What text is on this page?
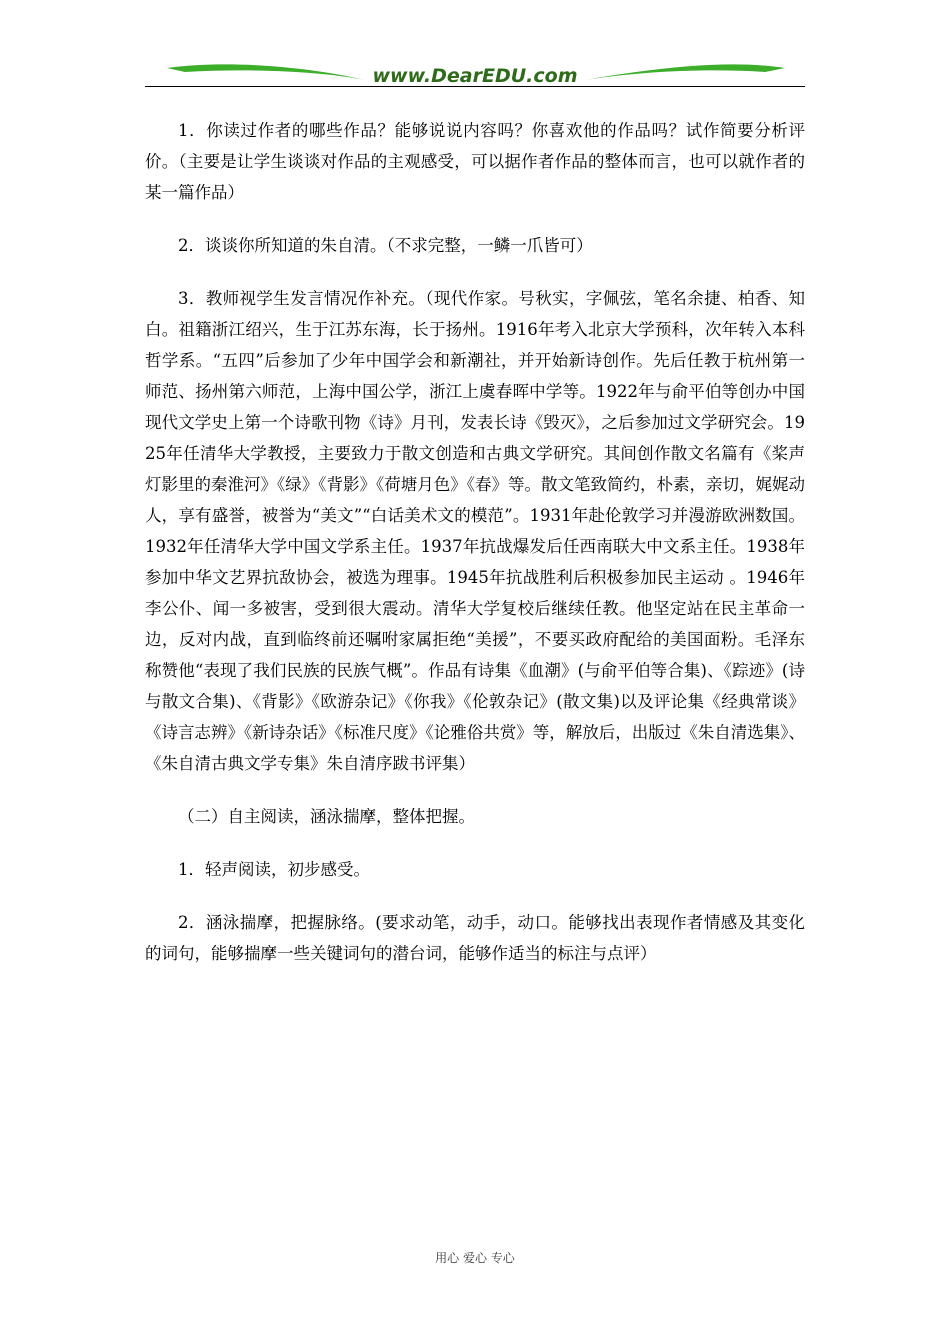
www.DearEDU.com

1．你读过作者的哪些作品？能够说说内容吗？你喜欢他的作品吗？试作简要分析评价。（主要是让学生谈谈对作品的主观感受，可以据作者作品的整体而言，也可以就作者的某一篇作品）

2．谈谈你所知道的朱自清。（不求完整，一鳞一爪皆可）

3．教师视学生发言情况作补充。（现代作家。号秋实，字佩弦，笔名余捷、柏香、知白。祖籍浙江绍兴，生于江苏东海，长于扬州。1916年考入北京大学预科，次年转入本科哲学系。“五四”后参加了少年中国学会和新潮社，并开始新诗创作。先后任教于杭州第一师范、扬州第六师范，上海中国公学，浙江上虞春晖中学等。1922年与俞平伯等创办中国现代文学史上第一个诗歌刊物《诗》月刊，发表长诗《毁灭》，之后参加过文学研究会。1925年任清华大学教授，主要致力于散文创造和古典文学研究。其间创作散文名篇有《桨声灯影里的秦淮河》《绿》《背影》《荷塘月色》《春》等。散文笔致简约，朴素，亲切，娓娓动人，享有盛誉，被誉为“美文”“白话美术文的模范”。1931年赴伦敦学习并漫游欧洲数国。1932年任清华大学中国文学系主任。1937年抗战爆发后任西南联大中文系主任。1938年参加中华文艺界抗敌协会，被选为理事。1945年抗战胜利后积极参加民主运动 。1946年李公仆、闻一多被害，受到很大震动。清华大学复校后继续任教。他坚定站在民主革命一边，反对内战，直到临终前还嘱咐家属拒绝“美援”，不要买政府配给的美国面粉。毛泽东称赞他“表现了我们民族的民族气概”。作品有诗集《血潮》(与俞平伯等合集)、《踪迹》(诗与散文合集)、《背影》《欧游杂记》《你我》《伦敦杂记》(散文集)以及评论集《经典常谈》《诗言志辨》《新诗杂话》《标准尺度》《论雅俗共赏》等，解放后，出版过《朱自清选集》、《朱自清古典文学专集》朱自清序跋书评集）

（二）自主阅读，涵泳揣摩，整体把握。

1．轻声阅读，初步感受。

2．涵泳揣摩，把握脉络。(要求动笔，动手，动口。能够找出表现作者情感及其变化的词句，能够揣摩一些关键词句的潜台词，能够作适当的标注与点评）

用心 爱心 专心
